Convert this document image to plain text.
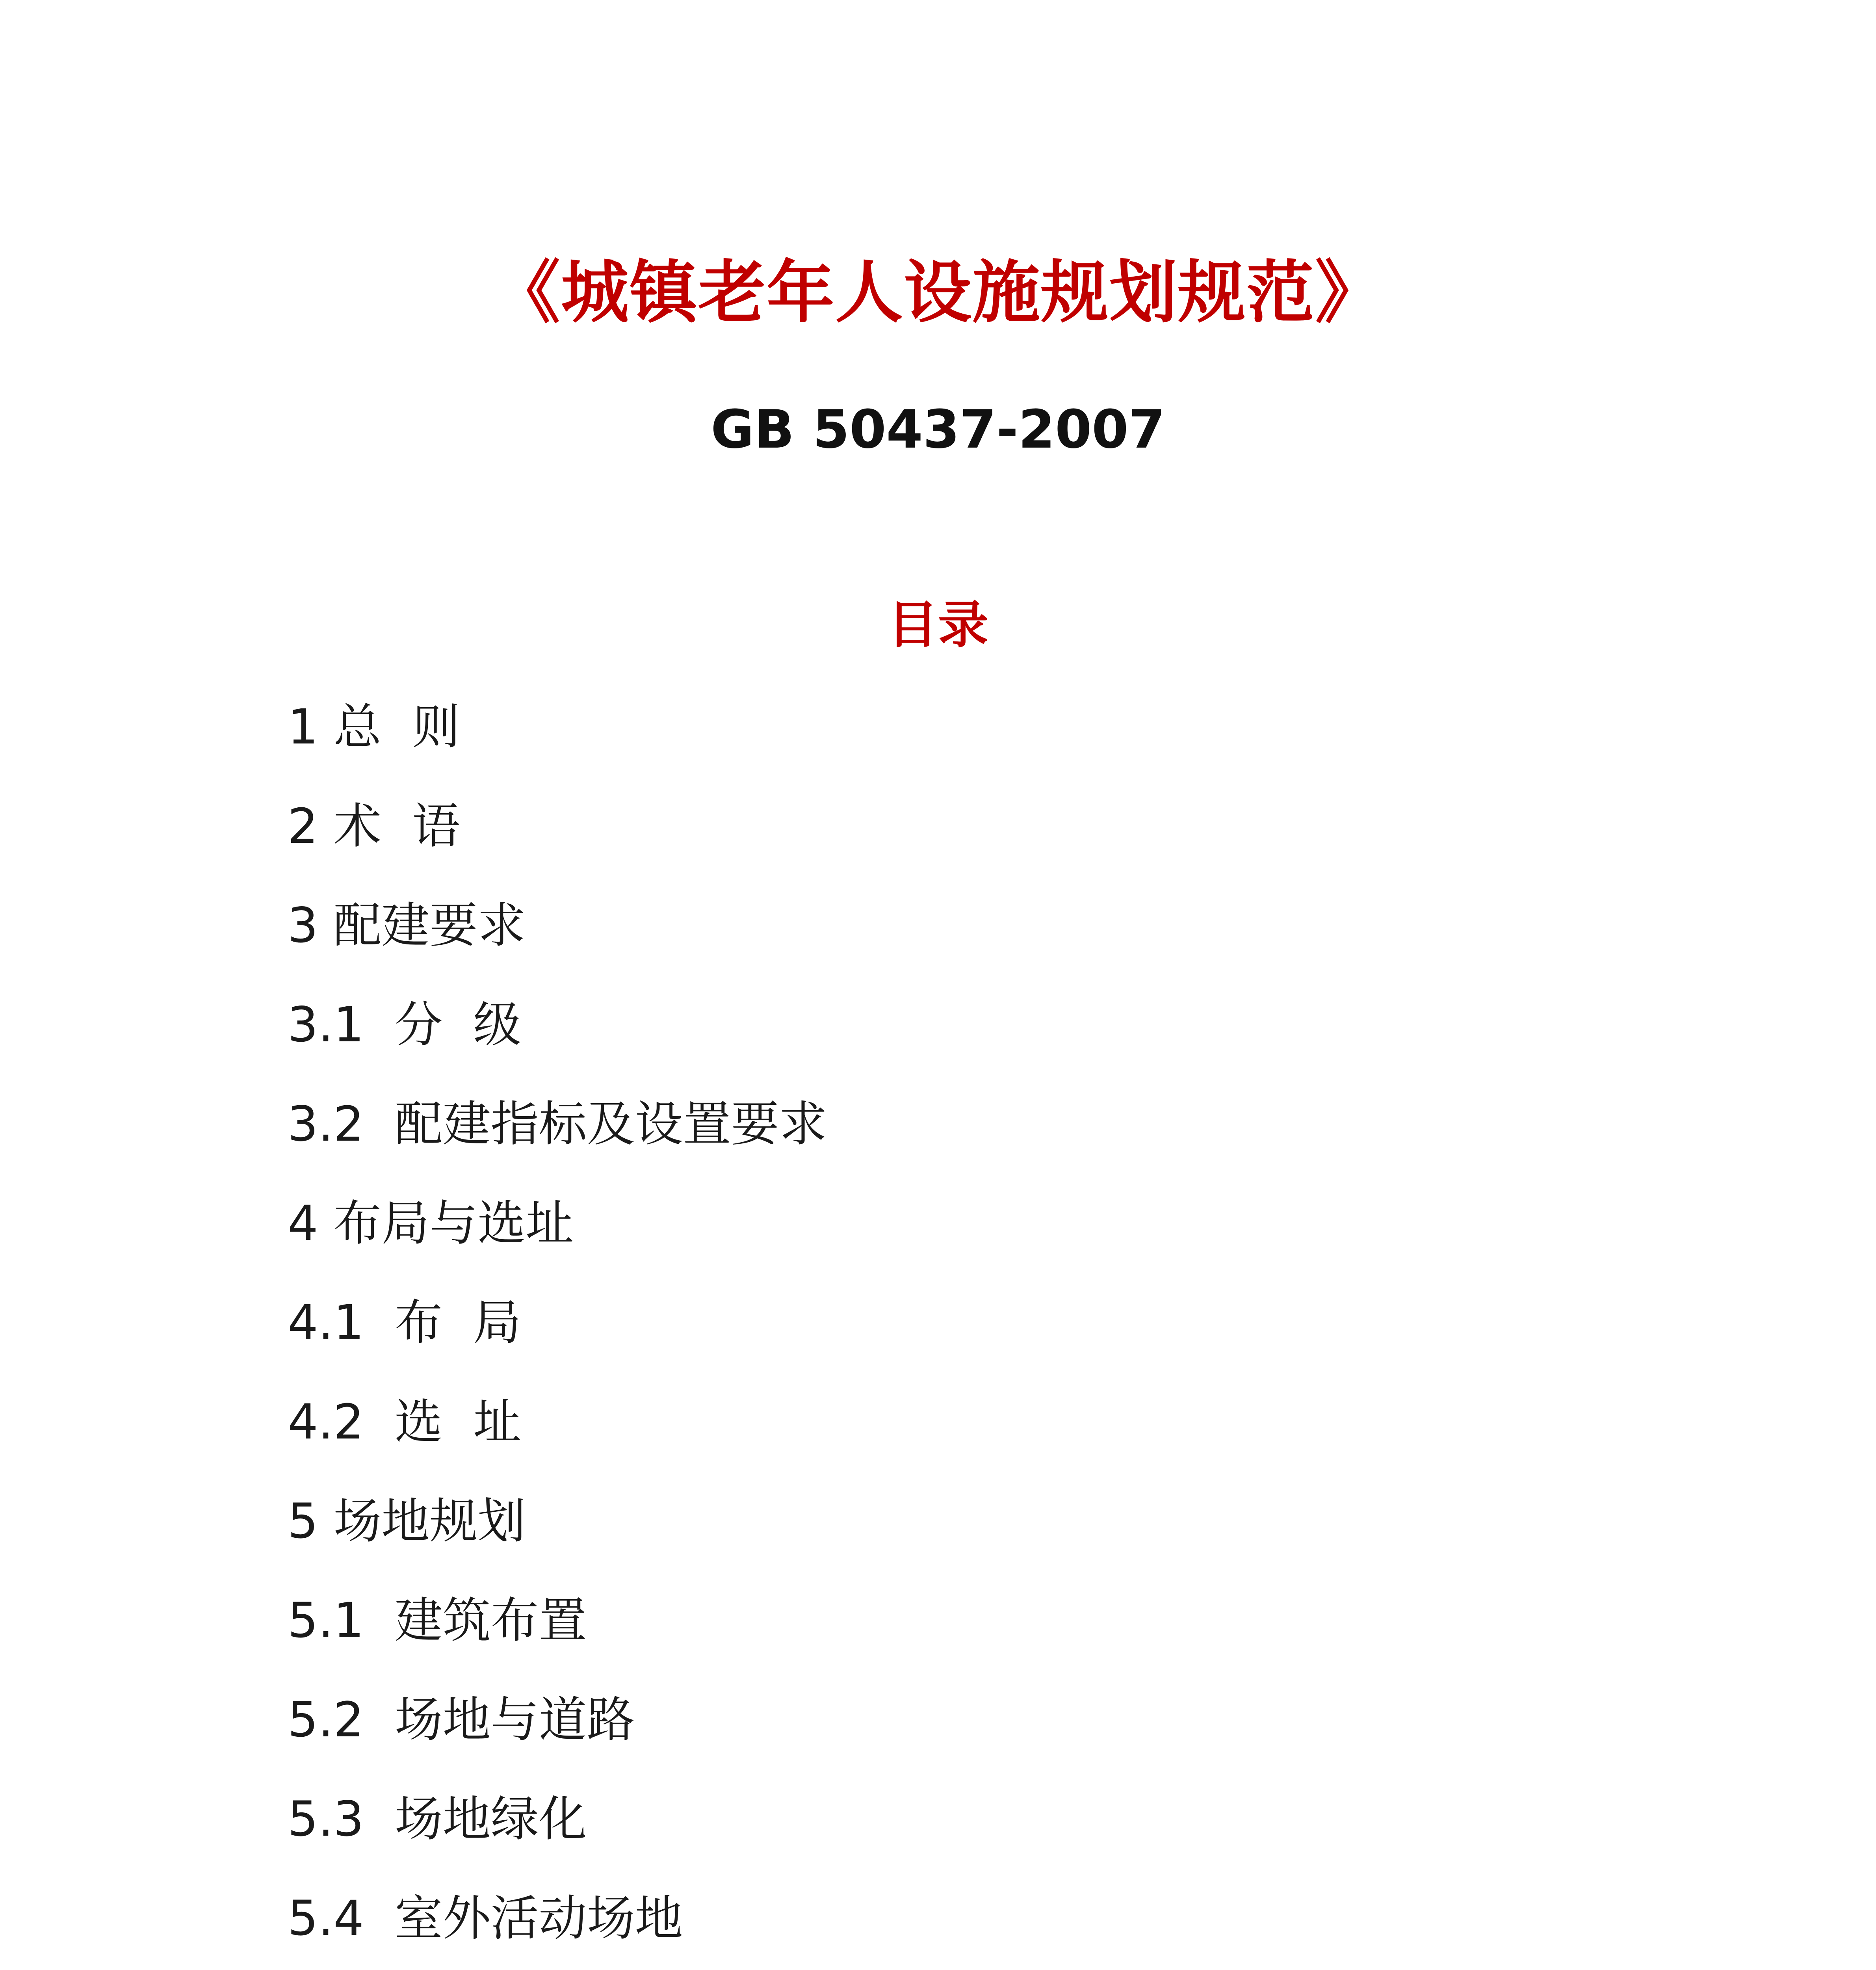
《城镇老年人设施规划规范》
GB 50437-2007
目录
1 总  则
2 术  语
3 配建要求
3.1  分  级
3.2  配建指标及设置要求
4 布局与选址
4.1  布  局
4.2  选  址
5 场地规划
5.1  建筑布置
5.2  场地与道路
5.3  场地绿化
5.4  室外活动场地
